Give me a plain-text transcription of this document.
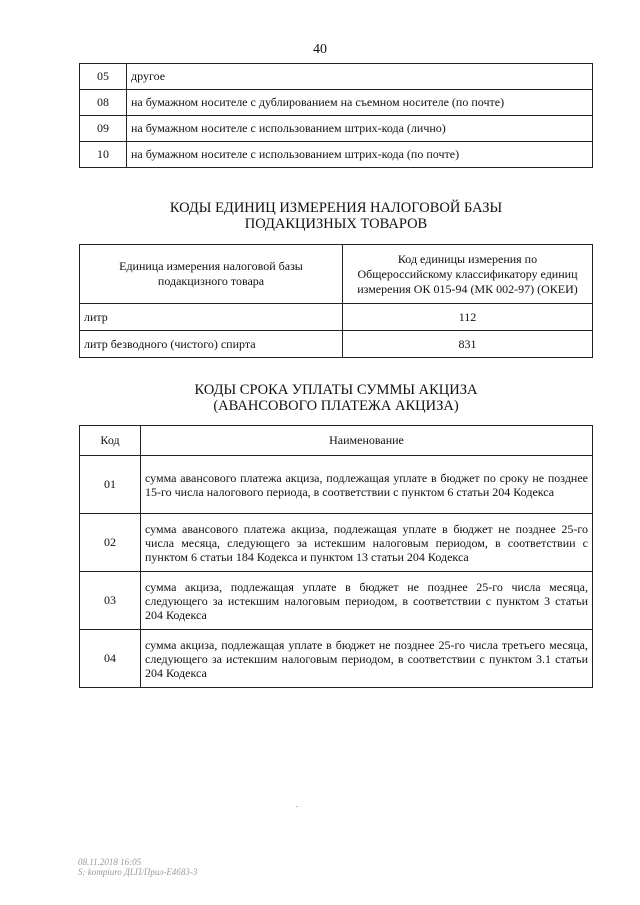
40
05	другое
08	на бумажном носителе с дублированием на съемном носителе (по почте)
09	на бумажном носителе с использованием штрих-кода (лично)
10	на бумажном носителе с использованием штрих-кода (по почте)
КОДЫ ЕДИНИЦ ИЗМЕРЕНИЯ НАЛОГОВОЙ БАЗЫ
ПОДАКЦИЗНЫХ ТОВАРОВ
Единица измерения налоговой базы подакцизного товара	Код единицы измерения по Общероссийскому классификатору единиц измерения ОК 015-94 (МК 002-97) (ОКЕИ)
литр	112
литр безводного (чистого) спирта	831
КОДЫ СРОКА УПЛАТЫ СУММЫ АКЦИЗА
(АВАНСОВОГО ПЛАТЕЖА АКЦИЗА)
Код	Наименование
01	сумма авансового платежа акциза, подлежащая уплате в бюджет по сроку не позднее 15-го числа налогового периода, в соответствии с пунктом 6 статьи 204 Кодекса
02	сумма авансового платежа акциза, подлежащая уплате в бюджет не позднее 25-го числа месяца, следующего за истекшим налоговым периодом, в соответствии с пунктом 6 статьи 184 Кодекса и пунктом 13 статьи 204 Кодекса
03	сумма акциза, подлежащая уплате в бюджет не позднее 25-го числа месяца, следующего за истекшим налоговым периодом, в соответствии с пунктом 3 статьи 204 Кодекса
04	сумма акциза, подлежащая уплате в бюджет не позднее 25-го числа третьего месяца, следующего за истекшим налоговым периодом, в соответствии с пунктом 3.1 статьи 204 Кодекса
08.11.2018 16:05
Ѕ: kompiuro ДLП/Прил-Е4б83-3
